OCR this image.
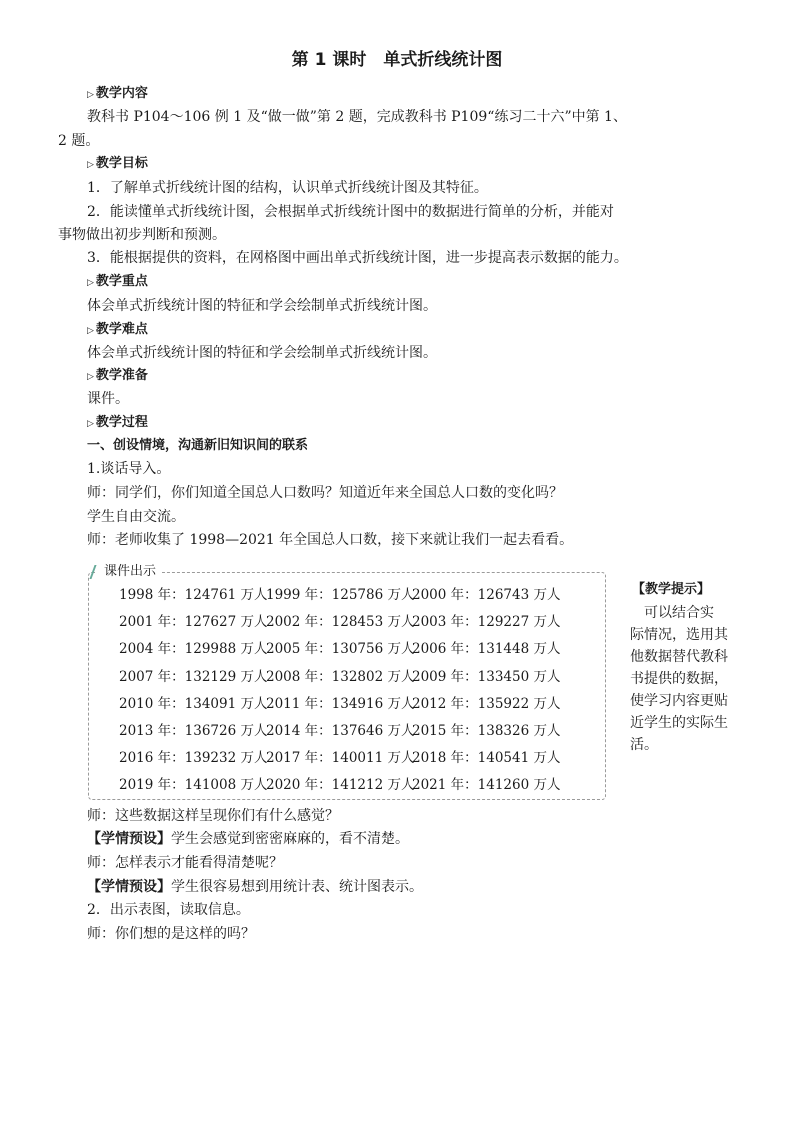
第 1 课时　单式折线统计图
▷ 教学内容
教科书 P104～106 例 1 及“做一做”第 2 题，完成教科书 P109“练习二十六”中第 1、
2 题。
▷ 教学目标
1．了解单式折线统计图的结构，认识单式折线统计图及其特征。
2．能读懂单式折线统计图，会根据单式折线统计图中的数据进行简单的分析，并能对
事物做出初步判断和预测。
3．能根据提供的资料，在网格图中画出单式折线统计图，进一步提高表示数据的能力。
▷ 教学重点
体会单式折线统计图的特征和学会绘制单式折线统计图。
▷ 教学难点
体会单式折线统计图的特征和学会绘制单式折线统计图。
▷ 教学准备
课件。
▷ 教学过程
一、创设情境，沟通新旧知识间的联系
1.谈话导入。
师：同学们，你们知道全国总人口数吗？知道近年来全国总人口数的变化吗？
学生自由交流。
师：老师收集了 1998—2021 年全国总人口数，接下来就让我们一起去看看。
课件出示
1998 年：124761 万人
1999 年：125786 万人
2000 年：126743 万人
2001 年：127627 万人
2002 年：128453 万人
2003 年：129227 万人
2004 年：129988 万人
2005 年：130756 万人
2006 年：131448 万人
2007 年：132129 万人
2008 年：132802 万人
2009 年：133450 万人
2010 年：134091 万人
2011 年：134916 万人
2012 年：135922 万人
2013 年：136726 万人
2014 年：137646 万人
2015 年：138326 万人
2016 年：139232 万人
2017 年：140011 万人
2018 年：140541 万人
2019 年：141008 万人
2020 年：141212 万人
2021 年：141260 万人
师：这些数据这样呈现你们有什么感觉？
【学情预设】学生会感觉到密密麻麻的，看不清楚。
师：怎样表示才能看得清楚呢？
【学情预设】学生很容易想到用统计表、统计图表示。
2．出示表图，读取信息。
师：你们想的是这样的吗？
【教学提示】
　可以结合实
际情况，选用其
他数据替代教科
书提供的数据，
使学习内容更贴
近学生的实际生
活。
